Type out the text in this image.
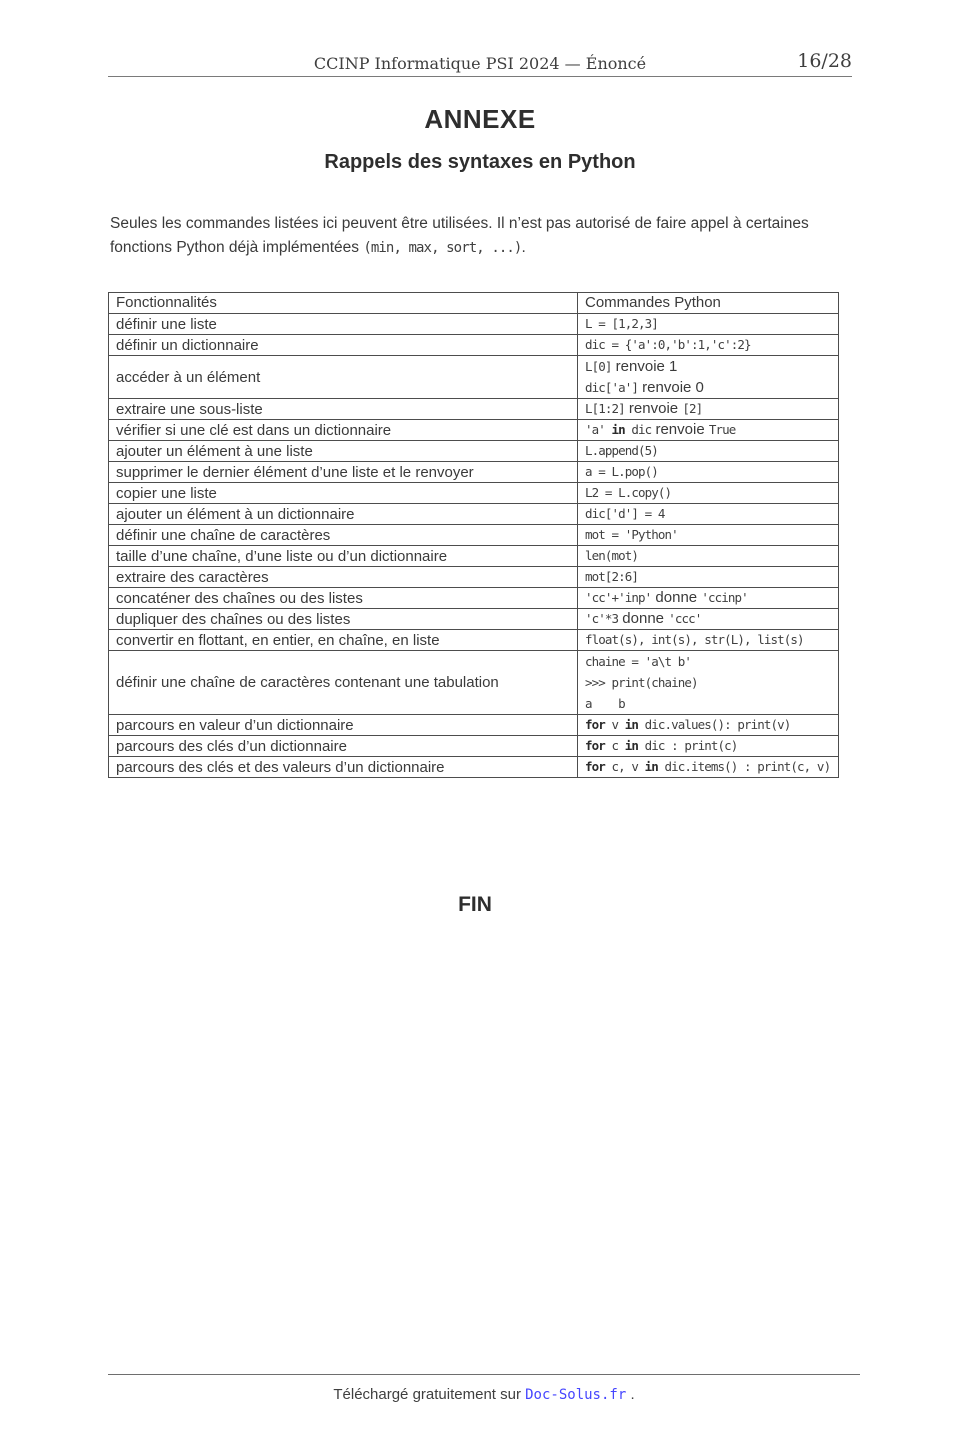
CCINP Informatique PSI 2024 — Énoncé	16/28
ANNEXE
Rappels des syntaxes en Python

Seules les commandes listées ici peuvent être utilisées. Il n’est pas autorisé de faire appel à certaines fonctions Python déjà implémentées (min, max, sort, ...).

Fonctionnalités	Commandes Python
définir une liste	L = [1,2,3]

définir un dictionnaire	dic = {'a':0,'b':1,'c':2}

accéder à un élément	L[0] renvoie 1
dic['a'] renvoie 0

extraire une sous-liste	L[1:2] renvoie [2]

vérifier si une clé est dans un dictionnaire	'a' in dic renvoie True

ajouter un élément à une liste	L.append(5)

supprimer le dernier élément d’une liste et le renvoyer	a = L.pop()

copier une liste	L2 = L.copy()

ajouter un élément à un dictionnaire	dic['d'] = 4

définir une chaîne de caractères	mot = 'Python'

taille d’une chaîne, d’une liste ou d’un dictionnaire	len(mot)

extraire des caractères	mot[2:6]

concaténer des chaînes ou des listes	'cc'+'inp' donne 'ccinp'

dupliquer des chaînes ou des listes	'c'*3 donne 'ccc'

convertir en flottant, en entier, en chaîne, en liste	float(s), int(s), str(L), list(s)

définir une chaîne de caractères contenant une tabulation	chaine = 'a\t b'
>>> print(chaine)
a    b

parcours en valeur d’un dictionnaire	for v in dic.values(): print(v)

parcours des clés d’un dictionnaire	for c in dic : print(c)

parcours des clés et des valeurs d’un dictionnaire	for c, v in dic.items() : print(c, v)
FIN
Téléchargé gratuitement sur Doc-Solus.fr .
